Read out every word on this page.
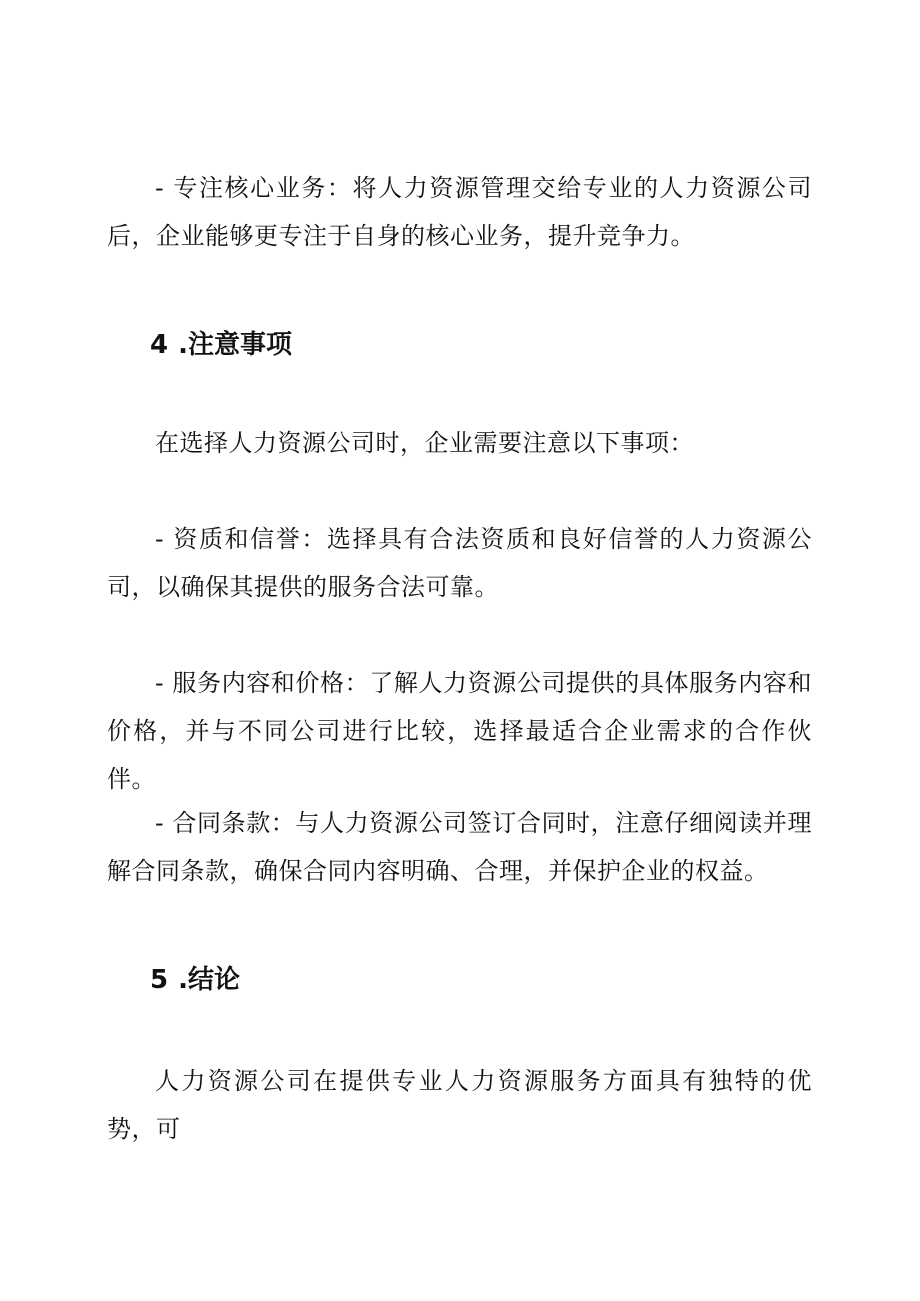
- 专注核心业务：将人力资源管理交给专业的人力资源公司后，企业能够更专注于自身的核心业务，提升竞争力。

4 .注意事项

在选择人力资源公司时，企业需要注意以下事项：

- 资质和信誉：选择具有合法资质和良好信誉的人力资源公司，以确保其提供的服务合法可靠。

- 服务内容和价格：了解人力资源公司提供的具体服务内容和价格，并与不同公司进行比较，选择最适合企业需求的合作伙伴。

- 合同条款：与人力资源公司签订合同时，注意仔细阅读并理解合同条款，确保合同内容明确、合理，并保护企业的权益。

5 .结论

人力资源公司在提供专业人力资源服务方面具有独特的优势，可
